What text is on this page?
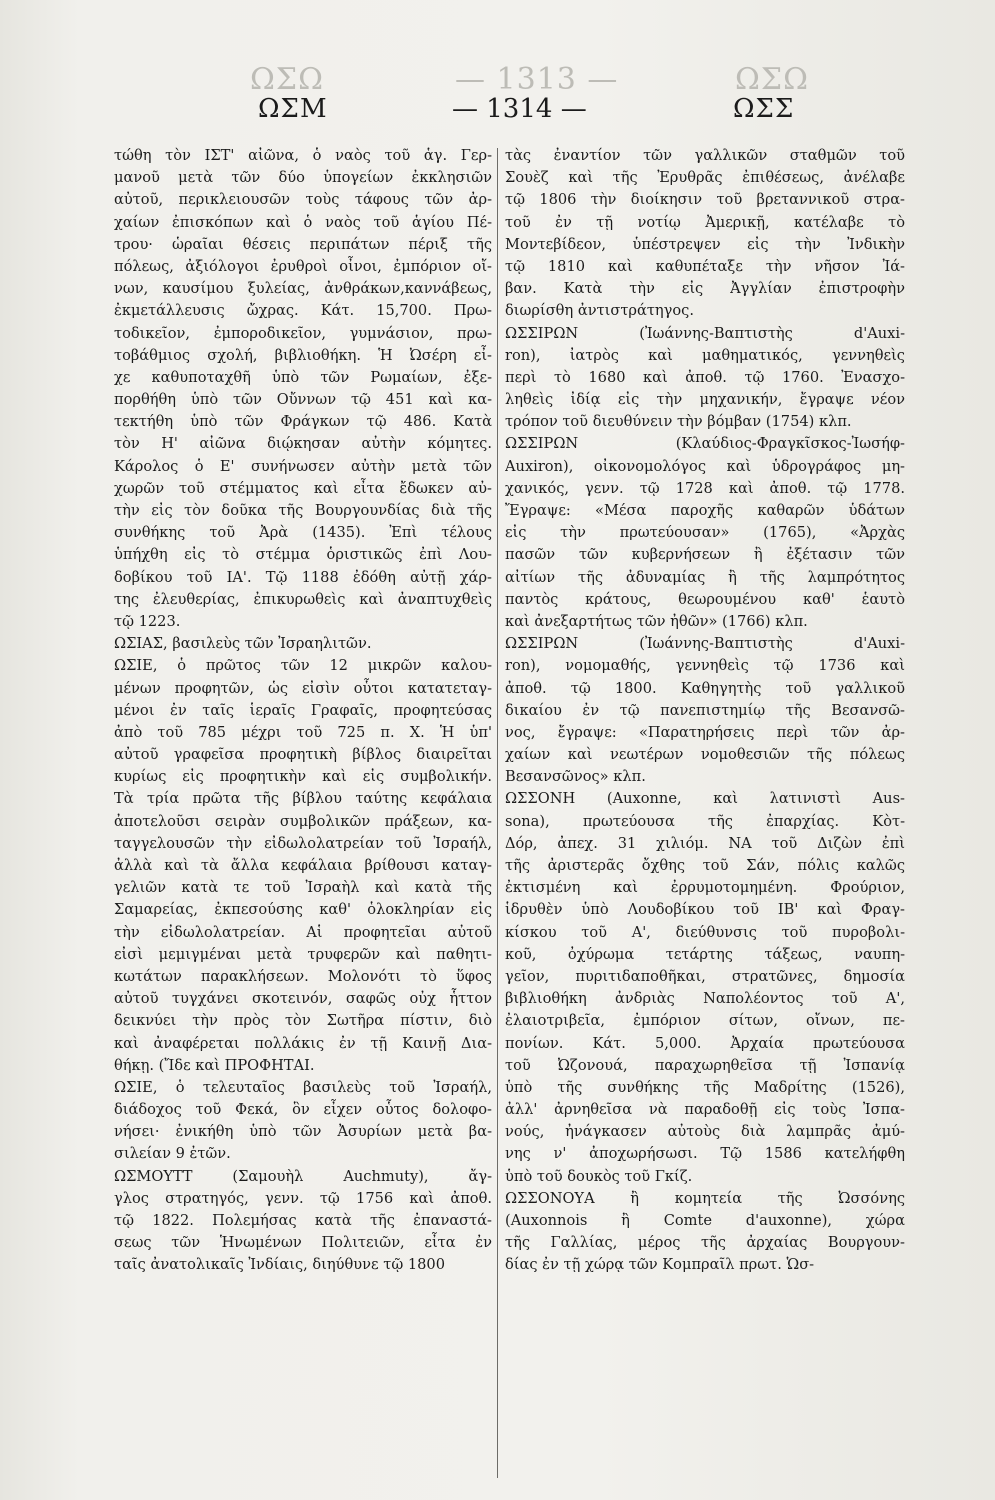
ΩΣΩ	— 1313 —	ΩΣΩ
ΩΣΜ	— 1314 —	ΩΣΣ
τώθη τὸν ΙΣΤ' αἰῶνα, ὁ ναὸς τοῦ ἁγ. Γερ-
μανοῦ μετὰ τῶν δύο ὑπογείων ἐκκλησιῶν
αὐτοῦ, περικλειουσῶν τοὺς τάφους τῶν ἀρ-
χαίων ἐπισκόπων καὶ ὁ ναὸς τοῦ ἁγίου Πέ-
τρου· ὡραῖαι θέσεις περιπάτων πέριξ τῆς
πόλεως, ἀξιόλογοι ἐρυθροὶ οἶνοι, ἐμπόριον οἴ-
νων, καυσίμου ξυλείας, ἀνθράκων,καννάβεως,
ἐκμετάλλευσις ὤχρας. Κάτ. 15,700. Πρω-
τοδικεῖον, ἐμποροδικεῖον, γυμνάσιον, πρω-
τοβάθμιος σχολή, βιβλιοθήκη. Ἡ Ὠσέρη εἶ-
χε καθυποταχθῆ ὑπὸ τῶν Ρωμαίων, ἐξε-
πορθήθη ὑπὸ τῶν Οὔννων τῷ 451 καὶ κα-
τεκτήθη ὑπὸ τῶν Φράγκων τῷ 486. Κατὰ
τὸν Η' αἰῶνα διῴκησαν αὐτὴν κόμητες.
Κάρολος ὁ Ε' συνήνωσεν αὐτὴν μετὰ τῶν
χωρῶν τοῦ στέμματος καὶ εἶτα ἔδωκεν αὐ-
τὴν εἰς τὸν δοῦκα τῆς Βουργουνδίας διὰ τῆς
συνθήκης τοῦ Ἀρὰ (1435). Ἐπὶ τέλους
ὑπήχθη εἰς τὸ στέμμα ὁριστικῶς ἐπὶ Λου-
δοβίκου τοῦ ΙΑ'. Τῷ 1188 ἐδόθη αὐτῇ χάρ-
της ἐλευθερίας, ἐπικυρωθεὶς καὶ ἀναπτυχθεὶς
τῷ 1223.
ΩΣΙΑΣ, βασιλεὺς τῶν Ἰσραηλιτῶν.
ΩΣΙΕ, ὁ πρῶτος τῶν 12 μικρῶν καλου-
μένων προφητῶν, ὡς εἰσὶν οὗτοι κατατεταγ-
μένοι ἐν ταῖς ἱεραῖς Γραφαῖς, προφητεύσας
ἀπὸ τοῦ 785 μέχρι τοῦ 725 π. Χ. Ἡ ὑπ'
αὐτοῦ γραφεῖσα προφητικὴ βίβλος διαιρεῖται
κυρίως εἰς προφητικὴν καὶ εἰς συμβολικήν.
Τὰ τρία πρῶτα τῆς βίβλου ταύτης κεφάλαια
ἀποτελοῦσι σειρὰν συμβολικῶν πράξεων, κα-
ταγγελουσῶν τὴν εἰδωλολατρείαν τοῦ Ἰσραήλ,
ἀλλὰ καὶ τὰ ἄλλα κεφάλαια βρίθουσι καταγ-
γελιῶν κατὰ τε τοῦ Ἰσραὴλ καὶ κατὰ τῆς
Σαμαρείας, ἐκπεσούσης καθ' ὁλοκληρίαν εἰς
τὴν εἰδωλολατρείαν. Αἱ προφητεῖαι αὐτοῦ
εἰσὶ μεμιγμέναι μετὰ τρυφερῶν καὶ παθητι-
κωτάτων παρακλήσεων. Μολονότι τὸ ὕφος
αὐτοῦ τυγχάνει σκοτεινόν, σαφῶς οὐχ ἧττον
δεικνύει τὴν πρὸς τὸν Σωτῆρα πίστιν, διὸ
καὶ ἀναφέρεται πολλάκις ἐν τῇ Καινῇ Δια-
θήκῃ. (Ἴδε καὶ ΠΡΟΦΗΤΑΙ.
ΩΣΙΕ, ὁ τελευταῖος βασιλεὺς τοῦ Ἰσραήλ,
διάδοχος τοῦ Φεκά, ὃν εἶχεν οὗτος δολοφο-
νήσει· ἐνικήθη ὑπὸ τῶν Ἀσυρίων μετὰ βα-
σιλείαν 9 ἐτῶν.
ΩΣΜΟΥΤΤ (Σαμουὴλ Auchmuty), ἄγ-
γλος στρατηγός, γενν. τῷ 1756 καὶ ἀποθ.
τῷ 1822. Πολεμήσας κατὰ τῆς ἐπαναστά-
σεως τῶν Ἡνωμένων Πολιτειῶν, εἶτα ἐν
ταῖς ἀνατολικαῖς Ἰνδίαις, διηύθυνε τῷ 1800
τὰς ἐναντίον τῶν γαλλικῶν σταθμῶν τοῦ
Σουὲζ καὶ τῆς Ἐρυθρᾶς ἐπιθέσεως, ἀνέλαβε
τῷ 1806 τὴν διοίκησιν τοῦ βρεταννικοῦ στρα-
τοῦ ἐν τῇ νοτίῳ Ἀμερικῇ, κατέλαβε τὸ
Μοντεβίδεον, ὑπέστρεψεν εἰς τὴν Ἰνδικὴν
τῷ 1810 καὶ καθυπέταξε τὴν νῆσον Ἰά-
βαν. Κατὰ τὴν εἰς Ἀγγλίαν ἐπιστροφὴν
διωρίσθη ἀντιστράτηγος.
ΩΣΣΙΡΩΝ (Ἰωάννης-Βαπτιστὴς d'Auxi-
ron), ἰατρὸς καὶ μαθηματικός, γεννηθεὶς
περὶ τὸ 1680 καὶ ἀποθ. τῷ 1760. Ἐνασχο-
ληθεὶς ἰδίᾳ εἰς τὴν μηχανικήν, ἔγραψε νέον
τρόπον τοῦ διευθύνειν τὴν βόμβαν (1754) κλπ.
ΩΣΣΙΡΩΝ (Κλαύδιος-Φραγκῖσκος-Ἰωσήφ-
Auxiron), οἰκονομολόγος καὶ ὑδρογράφος μη-
χανικός, γενν. τῷ 1728 καὶ ἀποθ. τῷ 1778.
Ἔγραψε: «Μέσα παροχῆς καθαρῶν ὑδάτων
εἰς τὴν πρωτεύουσαν» (1765), «Ἀρχὰς
πασῶν τῶν κυβερνήσεων ἢ ἐξέτασιν τῶν
αἰτίων τῆς ἀδυναμίας ἢ τῆς λαμπρότητος
παντὸς κράτους, θεωρουμένου καθ' ἑαυτὸ
καὶ ἀνεξαρτήτως τῶν ἠθῶν» (1766) κλπ.
ΩΣΣΙΡΩΝ (Ἰωάννης-Βαπτιστὴς d'Auxi-
ron), νομομαθής, γεννηθεὶς τῷ 1736 καὶ
ἀποθ. τῷ 1800. Καθηγητὴς τοῦ γαλλικοῦ
δικαίου ἐν τῷ πανεπιστημίῳ τῆς Βεσανσῶ-
νος, ἔγραψε: «Παρατηρήσεις περὶ τῶν ἀρ-
χαίων καὶ νεωτέρων νομοθεσιῶν τῆς πόλεως
Βεσανσῶνος» κλπ.
ΩΣΣΟΝΗ (Auxonne, καὶ λατινιστὶ Aus-
sona), πρωτεύουσα τῆς ἐπαρχίας. Κὸτ-
Δόρ, ἀπεχ. 31 χιλιόμ. ΝΑ τοῦ Διζὼν ἐπὶ
τῆς ἀριστερᾶς ὄχθης τοῦ Σάν, πόλις καλῶς
ἐκτισμένη καὶ ἐρρυμοτομημένη. Φρούριον,
ἱδρυθὲν ὑπὸ Λουδοβίκου τοῦ ΙΒ' καὶ Φραγ-
κίσκου τοῦ Α', διεύθυνσις τοῦ πυροβολι-
κοῦ, ὀχύρωμα τετάρτης τάξεως, ναυπη-
γεῖον, πυριτιδαποθῆκαι, στρατῶνες, δημοσία
βιβλιοθήκη ἀνδριὰς Ναπολέοντος τοῦ Α',
ἐλαιοτριβεῖα, ἐμπόριον σίτων, οἴνων, πε-
πονίων. Κάτ. 5,000. Ἀρχαία πρωτεύουσα
τοῦ Ὠζονουά, παραχωρηθεῖσα τῇ Ἰσπανίᾳ
ὑπὸ τῆς συνθήκης τῆς Μαδρίτης (1526),
ἀλλ' ἀρνηθεῖσα νὰ παραδοθῇ εἰς τοὺς Ἰσπα-
νούς, ἠνάγκασεν αὐτοὺς διὰ λαμπρᾶς ἀμύ-
νης ν' ἀποχωρήσωσι. Τῷ 1586 κατελήφθη
ὑπὸ τοῦ δουκὸς τοῦ Γκίζ.
ΩΣΣΟΝΟΥΑ ἢ κομητεία τῆς Ὠσσόνης
(Auxonnois ἢ Comte d'auxonne), χώρα
τῆς Γαλλίας, μέρος τῆς ἀρχαίας Βουργουν-
δίας ἐν τῇ χώρᾳ τῶν Κομπραῖλ πρωτ. Ὡσ-
